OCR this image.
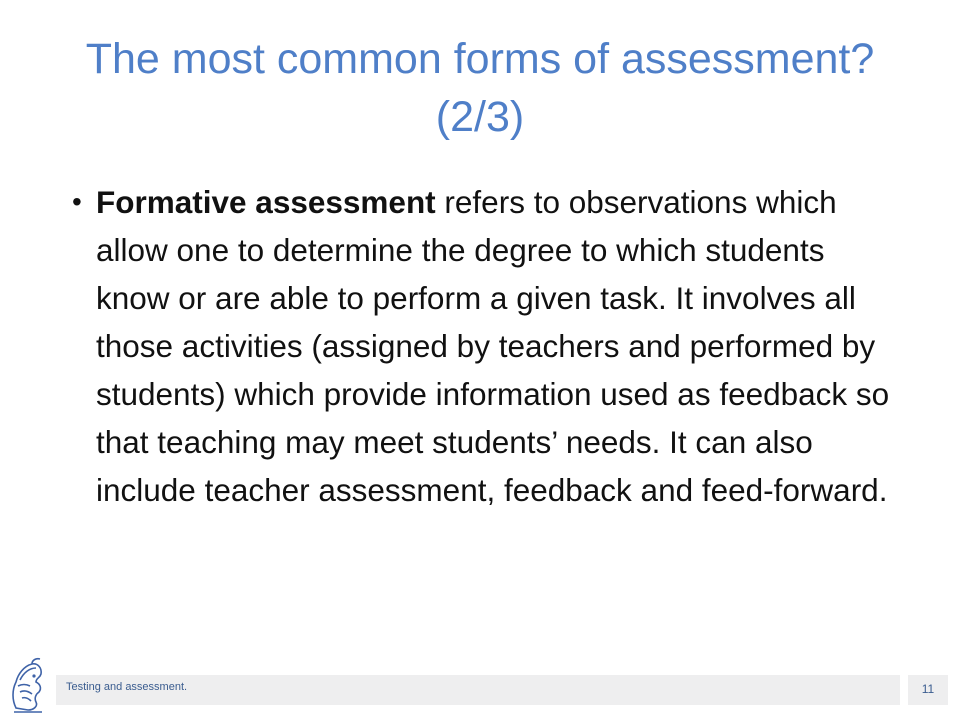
The most common forms of assessment? (2/3)
• Formative assessment refers to observations which allow one to determine the degree to which students know or are able to perform a given task. It involves all those activities (assigned by teachers and performed by students) which provide information used as feedback so that teaching may meet students’ needs. It can also include teacher assessment, feedback and feed-forward.
Testing and assessment.	11
